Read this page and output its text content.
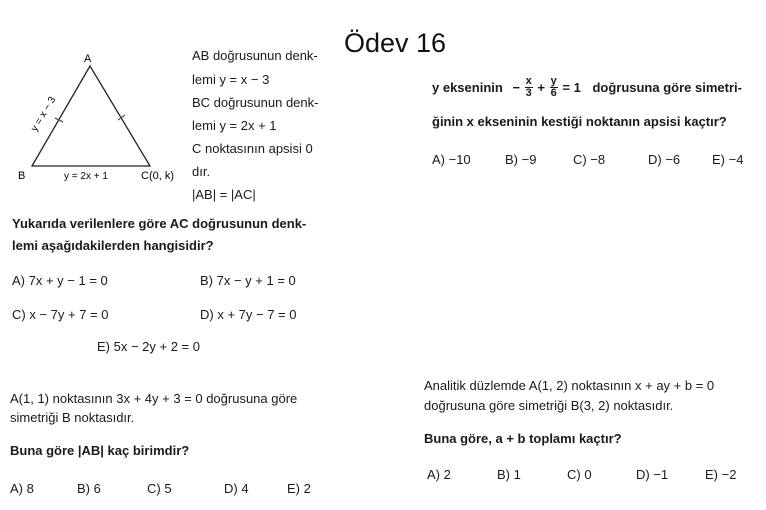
Ödev 16
A
B	C(0, k)
y = 2x + 1
y = x − 3
AB doğrusunun denk-
lemi y = x − 3
BC doğrusunun denk-
lemi y = 2x + 1
C noktasının apsisi 0
dır.
|AB| = |AC|
Yukarıda verilenlere göre AC doğrusunun denk-
lemi aşağıdakilerden hangisidir?
A) 7x + y − 1 = 0	B) 7x − y + 1 = 0
C) x − 7y + 7 = 0	D) x + 7y − 7 = 0
E) 5x − 2y + 2 = 0
A(1, 1) noktasının 3x + 4y + 3 = 0 doğrusuna göre
simetriği B noktasıdır.
Buna göre |AB| kaç birimdir?
A) 8	B) 6	C) 5	D) 4	E) 2
y ekseninin − $\frac{x}{3} + \frac{y}{6} = 1$ doğrusuna göre simetri-
ğinin x ekseninin kestiği noktanın apsisi kaçtır?
A) −10	B) −9	C) −8	D) −6 E) −4
Analitik düzlemde A(1, 2) noktasının x + ay + b = 0
doğrusuna göre simetriği B(3, 2) noktasıdır.
Buna göre, a + b toplamı kaçtır?
A) 2	B) 1	C) 0	D) −1	E) −2
